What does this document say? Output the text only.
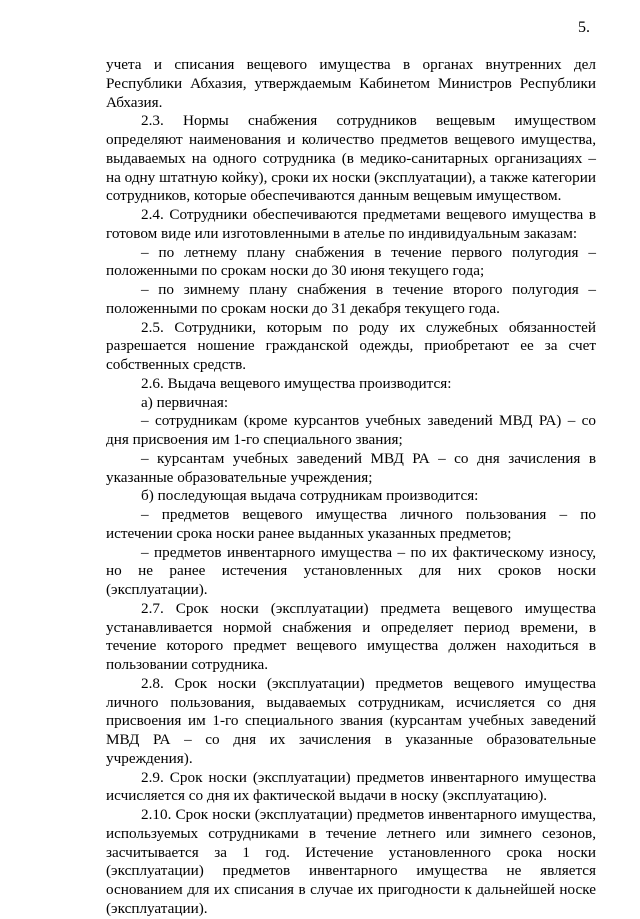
5.

учета и списания вещевого имущества в органах внутренних дел Республики Абхазия, утверждаемым Кабинетом Министров Республики Абхазия.

2.3. Нормы снабжения сотрудников вещевым имуществом определяют наименования и количество предметов вещевого имущества, выдаваемых на одного сотрудника (в медико-санитарных организациях – на одну штатную койку), сроки их носки (эксплуатации), а также категории сотрудников, которые обеспечиваются данным вещевым имуществом.

2.4. Сотрудники обеспечиваются предметами вещевого имущества в готовом виде или изготовленными в ателье по индивидуальным заказам:

– по летнему плану снабжения в течение первого полугодия – положенными по срокам носки до 30 июня текущего года;

– по зимнему плану снабжения в течение второго полугодия – положенными по срокам носки до 31 декабря текущего года.

2.5. Сотрудники, которым по роду их служебных обязанностей разрешается ношение гражданской одежды, приобретают ее за счет собственных средств.

2.6. Выдача вещевого имущества производится:

а) первичная:

– сотрудникам (кроме курсантов учебных заведений МВД РА) – со дня присвоения им 1-го специального звания;

– курсантам учебных заведений МВД РА – со дня зачисления в указанные образовательные учреждения;

б) последующая выдача сотрудникам производится:

– предметов вещевого имущества личного пользования – по истечении срока носки ранее выданных указанных предметов;

– предметов инвентарного имущества – по их фактическому износу, но не ранее истечения установленных для них сроков носки (эксплуатации).

2.7. Срок носки (эксплуатации) предмета вещевого имущества устанавливается нормой снабжения и определяет период времени, в течение которого предмет вещевого имущества должен находиться в пользовании сотрудника.

2.8. Срок носки (эксплуатации) предметов вещевого имущества личного пользования, выдаваемых сотрудникам, исчисляется со дня присвоения им 1-го специального звания (курсантам учебных заведений МВД РА – со дня их зачисления в указанные образовательные учреждения).

2.9. Срок носки (эксплуатации) предметов инвентарного имущества исчисляется со дня их фактической выдачи в носку (эксплуатацию).

2.10. Срок носки (эксплуатации) предметов инвентарного имущества, используемых сотрудниками в течение летнего или зимнего сезонов, засчитывается за 1 год. Истечение установленного срока носки (эксплуатации) предметов инвентарного имущества не является основанием для их списания в случае их пригодности к дальнейшей носке (эксплуатации).
